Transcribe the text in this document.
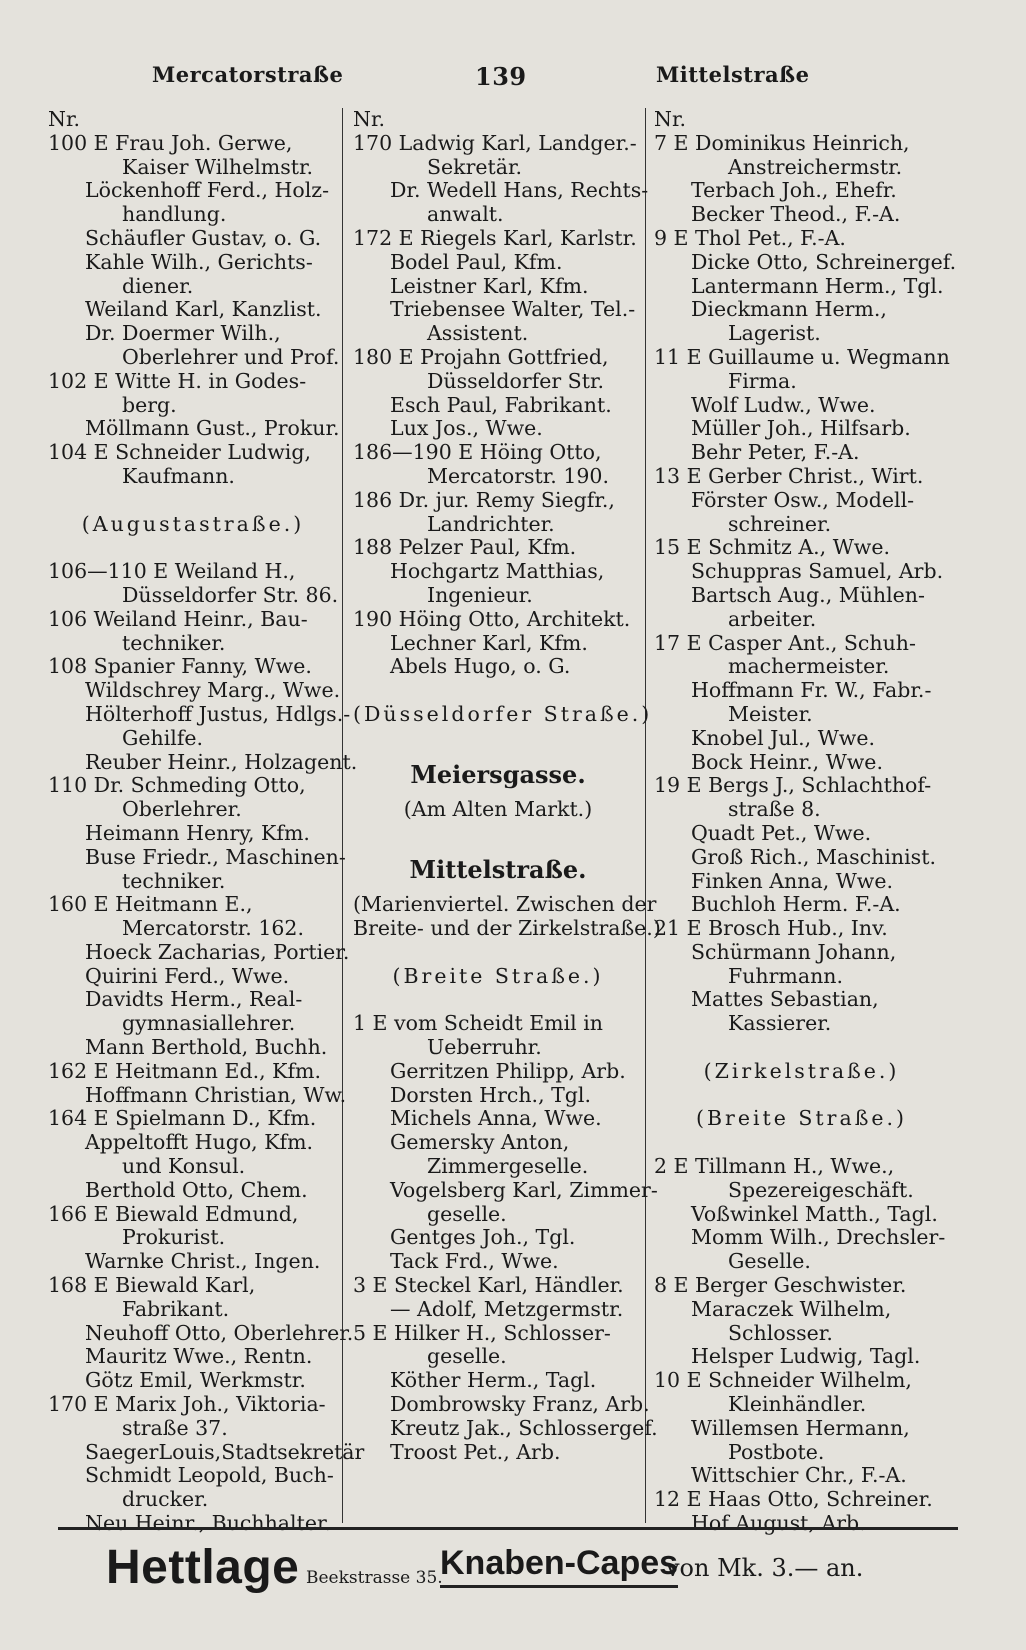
Mercatorstraße	139	Mittelstraße
Nr.
100 E Frau Joh. Gerwe,
Kaiser Wilhelmstr.
Löckenhoff Ferd., Holz-
handlung.
Schäufler Gustav, o. G.
Kahle Wilh., Gerichts-
diener.
Weiland Karl, Kanzlist.
Dr. Doermer Wilh.,
Oberlehrer und Prof.
102 E Witte H. in Godes-
berg.
Möllmann Gust., Prokur.
104 E Schneider Ludwig,
Kaufmann.
(Augustastraße.)
106—110 E Weiland H.,
Düsseldorfer Str. 86.
106 Weiland Heinr., Bau-
techniker.
108 Spanier Fanny, Wwe.
Wildschrey Marg., Wwe.
Hölterhoff Justus, Hdlgs.-
Gehilfe.
Reuber Heinr., Holzagent.
110 Dr. Schmeding Otto,
Oberlehrer.
Heimann Henry, Kfm.
Buse Friedr., Maschinen-
techniker.
160 E Heitmann E.,
Mercatorstr. 162.
Hoeck Zacharias, Portier.
Quirini Ferd., Wwe.
Davidts Herm., Real-
gymnasiallehrer.
Mann Berthold, Buchh.
162 E Heitmann Ed., Kfm.
Hoffmann Christian, Ww.
164 E Spielmann D., Kfm.
Appeltofft Hugo, Kfm.
und Konsul.
Berthold Otto, Chem.
166 E Biewald Edmund,
Prokurist.
Warnke Christ., Ingen.
168 E Biewald Karl,
Fabrikant.
Neuhoff Otto, Oberlehrer.
Mauritz Wwe., Rentn.
Götz Emil, Werkmstr.
170 E Marix Joh., Viktoria-
straße 37.
SaegerLouis,Stadtsekretär
Schmidt Leopold, Buch-
drucker.
Neu Heinr., Buchhalter.
Nr.
170 Ladwig Karl, Landger.-
Sekretär.
Dr. Wedell Hans, Rechts-
anwalt.
172 E Riegels Karl, Karlstr.
Bodel Paul, Kfm.
Leistner Karl, Kfm.
Triebensee Walter, Tel.-
Assistent.
180 E Projahn Gottfried,
Düsseldorfer Str.
Esch Paul, Fabrikant.
Lux Jos., Wwe.
186—190 E Höing Otto,
Mercatorstr. 190.
186 Dr. jur. Remy Siegfr.,
Landrichter.
188 Pelzer Paul, Kfm.
Hochgartz Matthias,
Ingenieur.
190 Höing Otto, Architekt.
Lechner Karl, Kfm.
Abels Hugo, o. G.
(Düsseldorfer Straße.)
Meiersgasse.
(Am Alten Markt.)
Mittelstraße.
(Marienviertel. Zwischen der
Breite- und der Zirkelstraße.)
(Breite Straße.)
1 E vom Scheidt Emil in
Ueberruhr.
Gerritzen Philipp, Arb.
Dorsten Hrch., Tgl.
Michels Anna, Wwe.
Gemersky Anton,
Zimmergeselle.
Vogelsberg Karl, Zimmer-
geselle.
Gentges Joh., Tgl.
Tack Frd., Wwe.
3 E Steckel Karl, Händler.
— Adolf, Metzgermstr.
5 E Hilker H., Schlosser-
geselle.
Köther Herm., Tagl.
Dombrowsky Franz, Arb.
Kreutz Jak., Schlossergef.
Troost Pet., Arb.
Nr.
7 E Dominikus Heinrich,
Anstreichermstr.
Terbach Joh., Ehefr.
Becker Theod., F.-A.
9 E Thol Pet., F.-A.
Dicke Otto, Schreinergef.
Lantermann Herm., Tgl.
Dieckmann Herm.,
Lagerist.
11 E Guillaume u. Wegmann
Firma.
Wolf Ludw., Wwe.
Müller Joh., Hilfsarb.
Behr Peter, F.-A.
13 E Gerber Christ., Wirt.
Förster Osw., Modell-
schreiner.
15 E Schmitz A., Wwe.
Schuppras Samuel, Arb.
Bartsch Aug., Mühlen-
arbeiter.
17 E Casper Ant., Schuh-
machermeister.
Hoffmann Fr. W., Fabr.-
Meister.
Knobel Jul., Wwe.
Bock Heinr., Wwe.
19 E Bergs J., Schlachthof-
straße 8.
Quadt Pet., Wwe.
Groß Rich., Maschinist.
Finken Anna, Wwe.
Buchloh Herm. F.-A.
21 E Brosch Hub., Inv.
Schürmann Johann,
Fuhrmann.
Mattes Sebastian,
Kassierer.
(Zirkelstraße.)
(Breite Straße.)
2 E Tillmann H., Wwe.,
Spezereigeschäft.
Voßwinkel Matth., Tagl.
Momm Wilh., Drechsler-
Geselle.
8 E Berger Geschwister.
Maraczek Wilhelm,
Schlosser.
Helsper Ludwig, Tagl.
10 E Schneider Wilhelm,
Kleinhändler.
Willemsen Hermann,
Postbote.
Wittschier Chr., F.-A.
12 E Haas Otto, Schreiner.
Hof August, Arb.
Hettlage Beekstrasse 35.
Knaben-Capes
von Mk. 3.— an.
